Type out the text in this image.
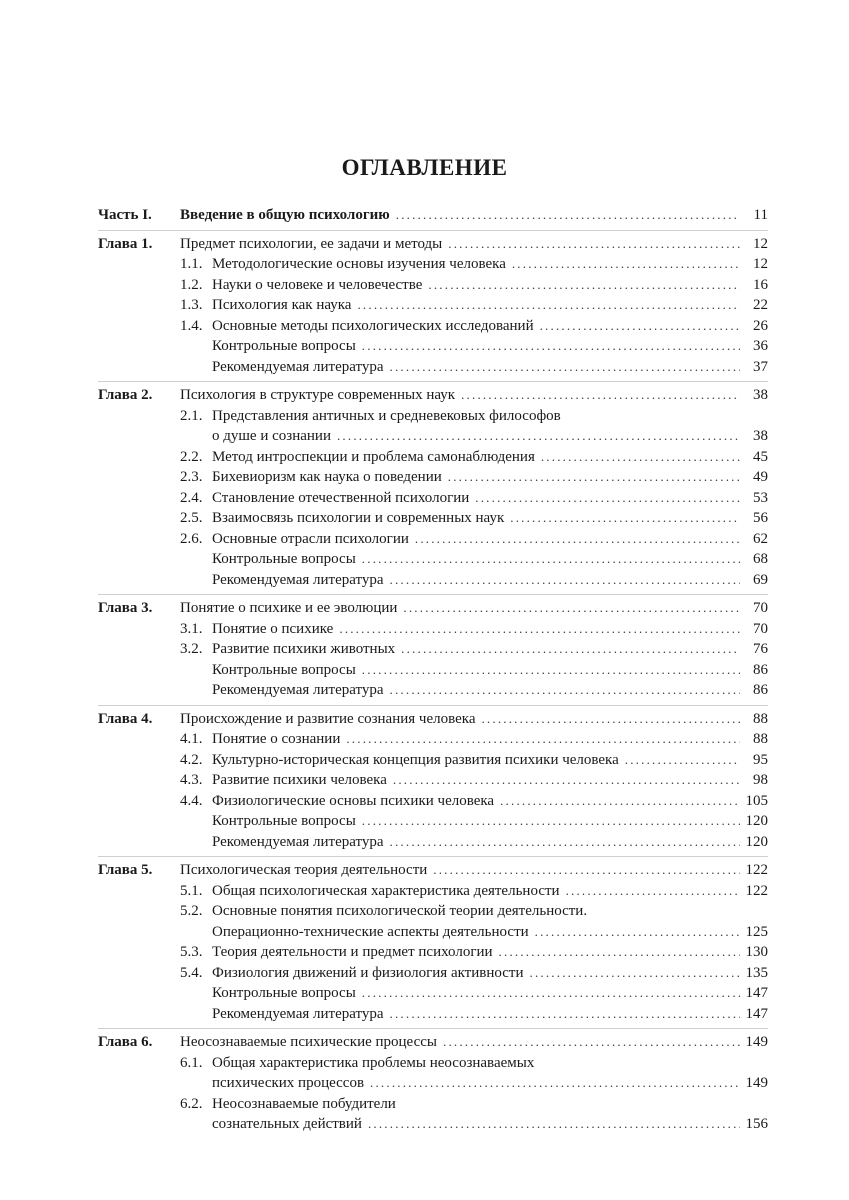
ОГЛАВЛЕНИЕ
Часть I.	Введение в общую психологию .....	11
Глава 1.	Предмет психологии, ее задачи и методы .....	12
1.1. Методологические основы изучения человека .....	12
1.2. Науки о человеке и человечестве .....	16
1.3. Психология как наука .....	22
1.4. Основные методы психологических исследований .....	26
Контрольные вопросы .....	36
Рекомендуемая литература .....	37
Глава 2.	Психология в структуре современных наук .....	38
2.1. Представления античных и средневековых философов
о душе и сознании .....	38
2.2. Метод интроспекции и проблема самонаблюдения .....	45
2.3. Бихевиоризм как наука о поведении .....	49
2.4. Становление отечественной психологии .....	53
2.5. Взаимосвязь психологии и современных наук .....	56
2.6. Основные отрасли психологии .....	62
Контрольные вопросы .....	68
Рекомендуемая литература .....	69
Глава 3.	Понятие о психике и ее эволюции .....	70
3.1. Понятие о психике .....	70
3.2. Развитие психики животных .....	76
Контрольные вопросы .....	86
Рекомендуемая литература .....	86
Глава 4.	Происхождение и развитие сознания человека .....	88
4.1. Понятие о сознании .....	88
4.2. Культурно-историческая концепция развития психики человека .....	95
4.3. Развитие психики человека .....	98
4.4. Физиологические основы психики человека .....	105
Контрольные вопросы .....	120
Рекомендуемая литература .....	120
Глава 5.	Психологическая теория деятельности .....	122
5.1. Общая психологическая характеристика деятельности .....	122
5.2. Основные понятия психологической теории деятельности.
Операционно-технические аспекты деятельности .....	125
5.3. Теория деятельности и предмет психологии .....	130
5.4. Физиология движений и физиология активности .....	135
Контрольные вопросы .....	147
Рекомендуемая литература .....	147
Глава 6.	Неосознаваемые психические процессы .....	149
6.1. Общая характеристика проблемы неосознаваемых
психических процессов .....	149
6.2. Неосознаваемые побудители
сознательных действий .....	156
